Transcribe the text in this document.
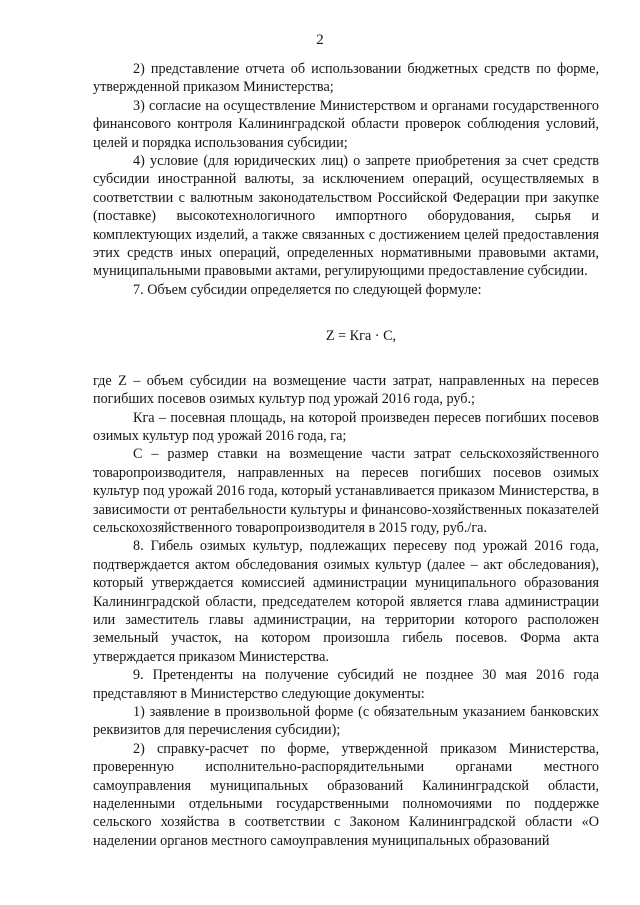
2

2) представление отчета об использовании бюджетных средств по форме, утвержденной приказом Министерства;

3) согласие на осуществление Министерством и органами государственного финансового контроля Калининградской области проверок соблюдения условий, целей и порядка использования субсидии;

4) условие (для юридических лиц) о запрете приобретения за счет средств субсидии иностранной валюты, за исключением операций, осуществляемых в соответствии с валютным законодательством Российской Федерации при закупке (поставке) высокотехнологичного импортного оборудования, сырья и комплектующих изделий, а также связанных с достижением целей предоставления этих средств иных операций, определенных нормативными правовыми актами, муниципальными правовыми актами, регулирующими предоставление субсидии.

7. Объем субсидии определяется по следующей формуле:

Z = Кга · С,

где Z – объем субсидии на возмещение части затрат, направленных на пересев погибших посевов озимых культур под урожай 2016 года, руб.;

Кга – посевная площадь, на которой произведен пересев погибших посевов озимых культур под урожай 2016 года, га;

С – размер ставки на возмещение части затрат сельскохозяйственного товаропроизводителя, направленных на пересев погибших посевов озимых культур под урожай 2016 года, который устанавливается приказом Министерства, в зависимости от рентабельности культуры и финансово-хозяйственных показателей сельскохозяйственного товаропроизводителя в 2015 году, руб./га.

8. Гибель озимых культур, подлежащих пересеву под урожай 2016 года, подтверждается актом обследования озимых культур (далее – акт обследования), который утверждается комиссией администрации муниципального образования Калининградской области, председателем которой является глава администрации или заместитель главы администрации, на территории которого расположен земельный участок, на котором произошла гибель посевов. Форма акта утверждается приказом Министерства.

9. Претенденты на получение субсидий не позднее 30 мая 2016 года представляют в Министерство следующие документы:

1) заявление в произвольной форме (с обязательным указанием банковских реквизитов для перечисления субсидии);

2) справку-расчет по форме, утвержденной приказом Министерства, проверенную исполнительно-распорядительными органами местного самоуправления муниципальных образований Калининградской области, наделенными отдельными государственными полномочиями по поддержке сельского хозяйства в соответствии с Законом Калининградской области «О наделении органов местного самоуправления муниципальных образований
